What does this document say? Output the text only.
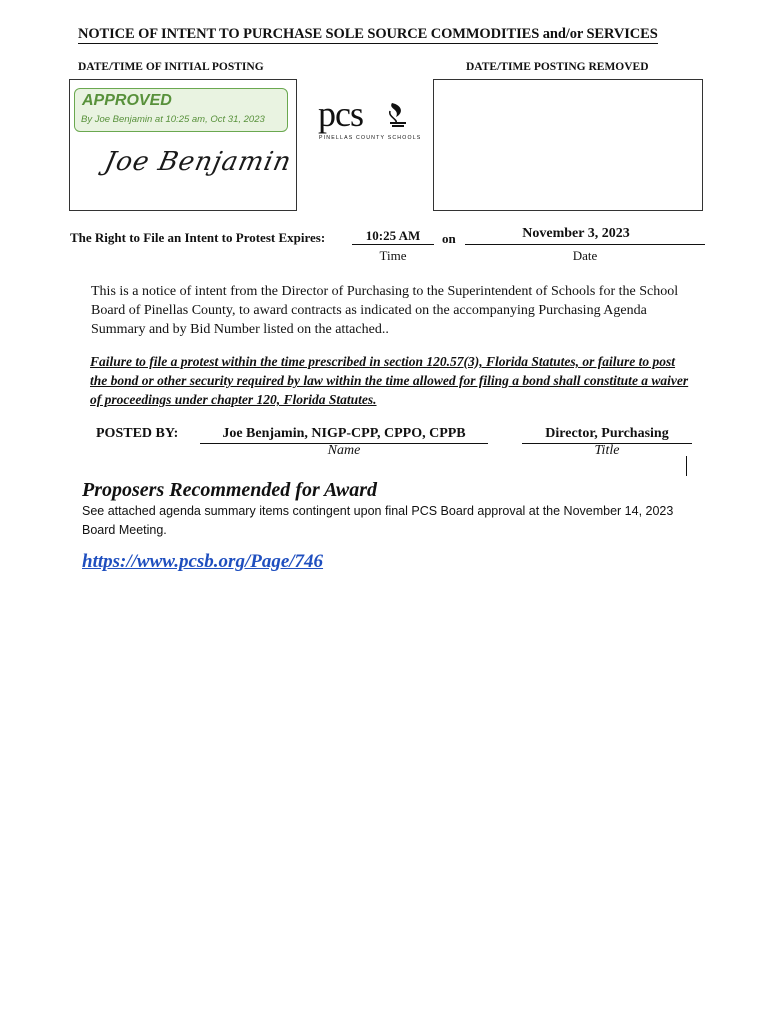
NOTICE OF INTENT TO PURCHASE SOLE SOURCE COMMODITIES and/or SERVICES
DATE/TIME OF INITIAL POSTING	DATE/TIME POSTING REMOVED
APPROVED
By Joe Benjamin at 10:25 am, Oct 31, 2023
Joe Benjamin
pcs
PINELLAS COUNTY SCHOOLS
The Right to File an Intent to Protest Expires:	10:25 AM
Time
on	November 3, 2023
Date
This is a notice of intent from the Director of Purchasing to the Superintendent of Schools for the School Board of Pinellas County, to award contracts as indicated on the accompanying Purchasing Agenda Summary and by Bid Number listed on the attached..
Failure to file a protest within the time prescribed in section 120.57(3), Florida Statutes, or failure to post the bond or other security required by law within the time allowed for filing a bond shall constitute a waiver of proceedings under chapter 120, Florida Statutes.
POSTED BY:	Joe Benjamin, NIGP-CPP, CPPO, CPPB
Name
Director, Purchasing
Title
Proposers Recommended for Award
See attached agenda summary items contingent upon final PCS Board approval at the November 14, 2023 Board Meeting.
https://www.pcsb.org/Page/746
